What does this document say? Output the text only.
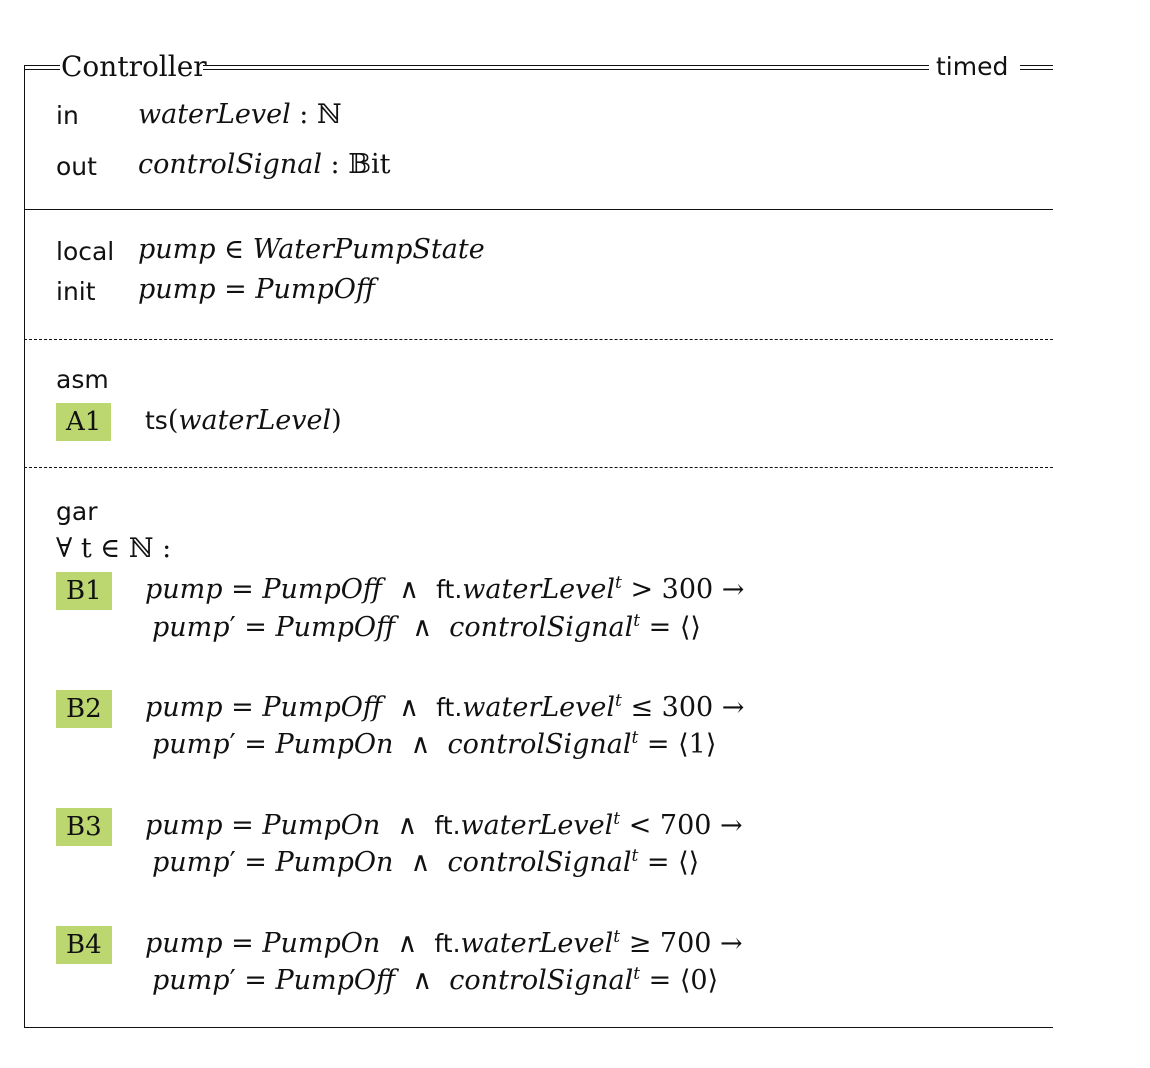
Controller	timed
in waterLevel : ℕ
out controlSignal : 𝔹it
local pump ∈ WaterPumpState
init pump = PumpOff
asm
A1	ts(waterLevel)
gar
∀ t ∈ ℕ :
B1	pump = PumpOff  ∧  ft.waterLevel$^t$ > 300 →
pump′ = PumpOff  ∧  controlSignal$^t$ = ⟨⟩
B2	pump = PumpOff  ∧  ft.waterLevel$^t$ ≤ 300 →
pump′ = PumpOn  ∧  controlSignal$^t$ = ⟨1⟩
B3	pump = PumpOn  ∧  ft.waterLevel$^t$ < 700 →
pump′ = PumpOn  ∧  controlSignal$^t$ = ⟨⟩
B4	pump = PumpOn  ∧  ft.waterLevel$^t$ ≥ 700 →
pump′ = PumpOff  ∧  controlSignal$^t$ = ⟨0⟩
